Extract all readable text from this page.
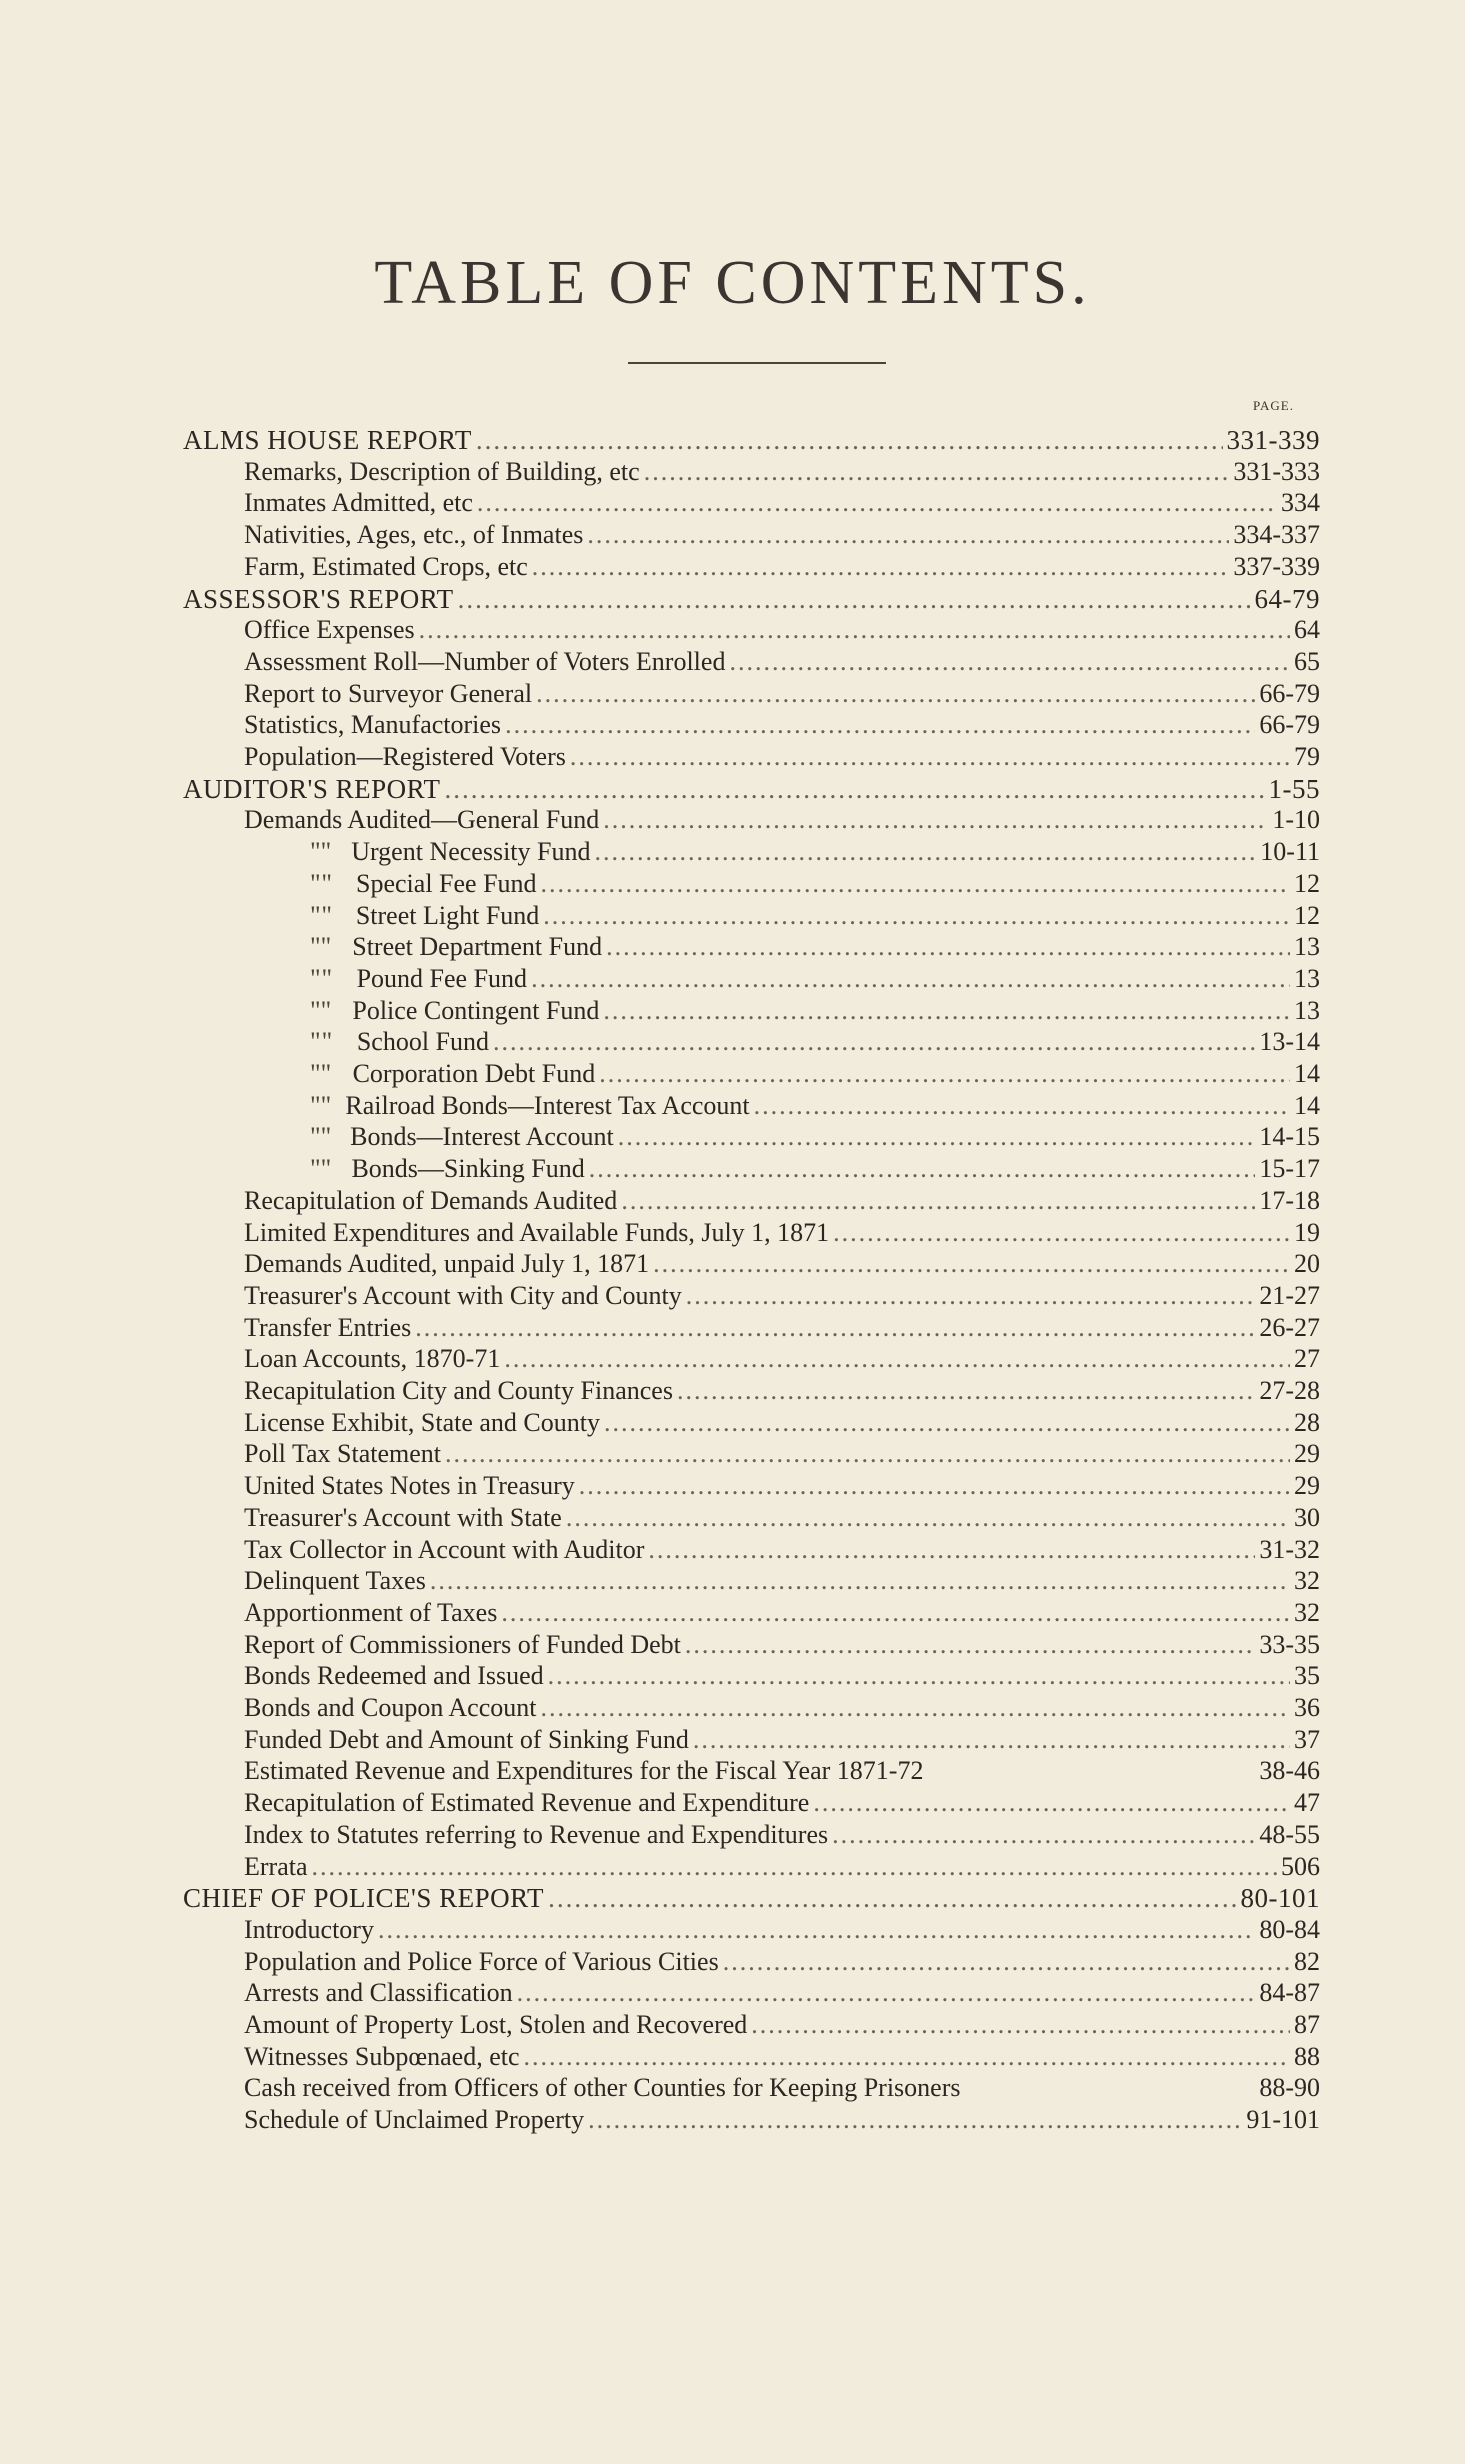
TABLE OF CONTENTS.
PAGE.
ALMS HOUSE REPORT .....	331-339
Remarks, Description of Building, etc .....	331-333
Inmates Admitted, etc .....	334
Nativities, Ages, etc., of Inmates .....	334-337
Farm, Estimated Crops, etc .....	337-339
ASSESSOR'S REPORT .....	64-79
Office Expenses .....	64
Assessment Roll—Number of Voters Enrolled .....	65
Report to Surveyor General .....	66-79
Statistics, Manufactories .....	66-79
Population—Registered Voters .....	79
AUDITOR'S REPORT .....	1-55
Demands Audited—General Fund .....	1-10
" " Urgent Necessity Fund .....	10-11
" " Special Fee Fund .....	12
" " Street Light Fund .....	12
" " Street Department Fund .....	13
" " Pound Fee Fund .....	13
" " Police Contingent Fund .....	13
" " School Fund .....	13-14
" " Corporation Debt Fund .....	14
" " Railroad Bonds—Interest Tax Account .....	14
" " Bonds—Interest Account .....	14-15
" " Bonds—Sinking Fund .....	15-17
Recapitulation of Demands Audited .....	17-18
Limited Expenditures and Available Funds, July 1, 1871 .....	19
Demands Audited, unpaid July 1, 1871 .....	20
Treasurer's Account with City and County .....	21-27
Transfer Entries .....	26-27
Loan Accounts, 1870-71 .....	27
Recapitulation City and County Finances .....	27-28
License Exhibit, State and County .....	28
Poll Tax Statement .....	29
United States Notes in Treasury .....	29
Treasurer's Account with State .....	30
Tax Collector in Account with Auditor .....	31-32
Delinquent Taxes .....	32
Apportionment of Taxes .....	32
Report of Commissioners of Funded Debt .....	33-35
Bonds Redeemed and Issued .....	35
Bonds and Coupon Account .....	36
Funded Debt and Amount of Sinking Fund .....	37
Estimated Revenue and Expenditures for the Fiscal Year 1871-72	38-46
Recapitulation of Estimated Revenue and Expenditure .....	47
Index to Statutes referring to Revenue and Expenditures .....	48-55
Errata .....	506
CHIEF OF POLICE'S REPORT .....	80-101
Introductory .....	80-84
Population and Police Force of Various Cities .....	82
Arrests and Classification .....	84-87
Amount of Property Lost, Stolen and Recovered .....	87
Witnesses Subpœnaed, etc .....	88
Cash received from Officers of other Counties for Keeping Prisoners	88-90
Schedule of Unclaimed Property .....	91-101
